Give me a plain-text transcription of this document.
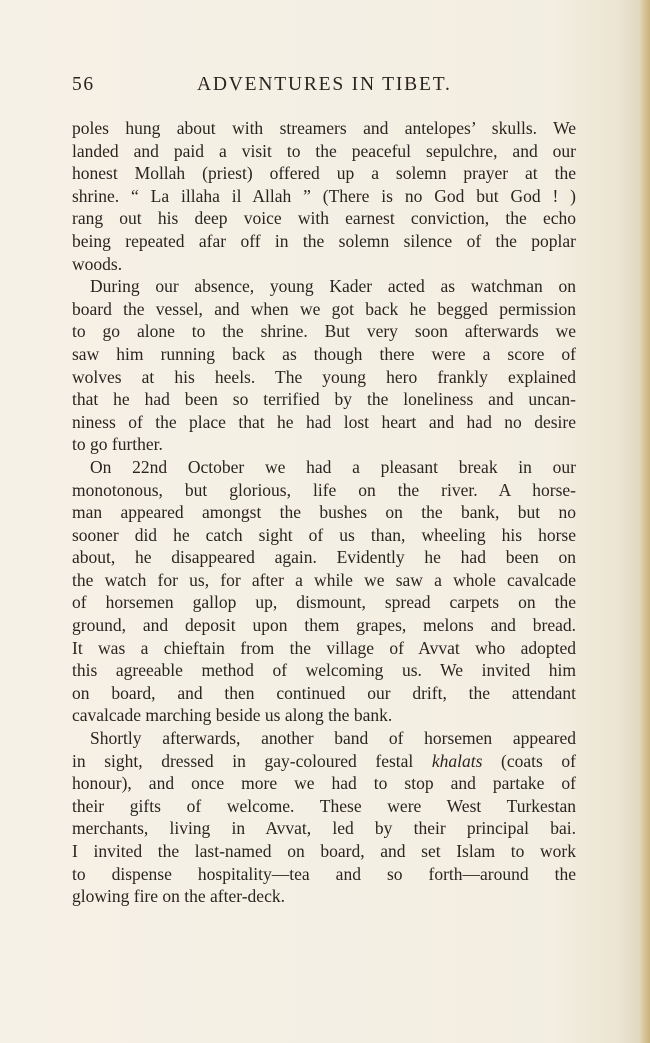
56	ADVENTURES IN TIBET.
poles hung about with streamers and antelopes’ skulls. We
landed and paid a visit to the peaceful sepulchre, and our
honest Mollah (priest) offered up a solemn prayer at the
shrine. “ La illaha il Allah ” (There is no God but God ! )
rang out his deep voice with earnest conviction, the echo
being repeated afar off in the solemn silence of the poplar
woods.
During our absence, young Kader acted as watchman on
board the vessel, and when we got back he begged permission
to go alone to the shrine. But very soon afterwards we
saw him running back as though there were a score of
wolves at his heels. The young hero frankly explained
that he had been so terrified by the loneliness and uncan-
niness of the place that he had lost heart and had no desire
to go further.
On 22nd October we had a pleasant break in our
monotonous, but glorious, life on the river. A horse-
man appeared amongst the bushes on the bank, but no
sooner did he catch sight of us than, wheeling his horse
about, he disappeared again. Evidently he had been on
the watch for us, for after a while we saw a whole cavalcade
of horsemen gallop up, dismount, spread carpets on the
ground, and deposit upon them grapes, melons and bread.
It was a chieftain from the village of Avvat who adopted
this agreeable method of welcoming us. We invited him
on board, and then continued our drift, the attendant
cavalcade marching beside us along the bank.
Shortly afterwards, another band of horsemen appeared
in sight, dressed in gay-coloured festal khalats (coats of
honour), and once more we had to stop and partake of
their gifts of welcome. These were West Turkestan
merchants, living in Avvat, led by their principal bai.
I invited the last-named on board, and set Islam to work
to dispense hospitality—tea and so forth—around the
glowing fire on the after-deck.
